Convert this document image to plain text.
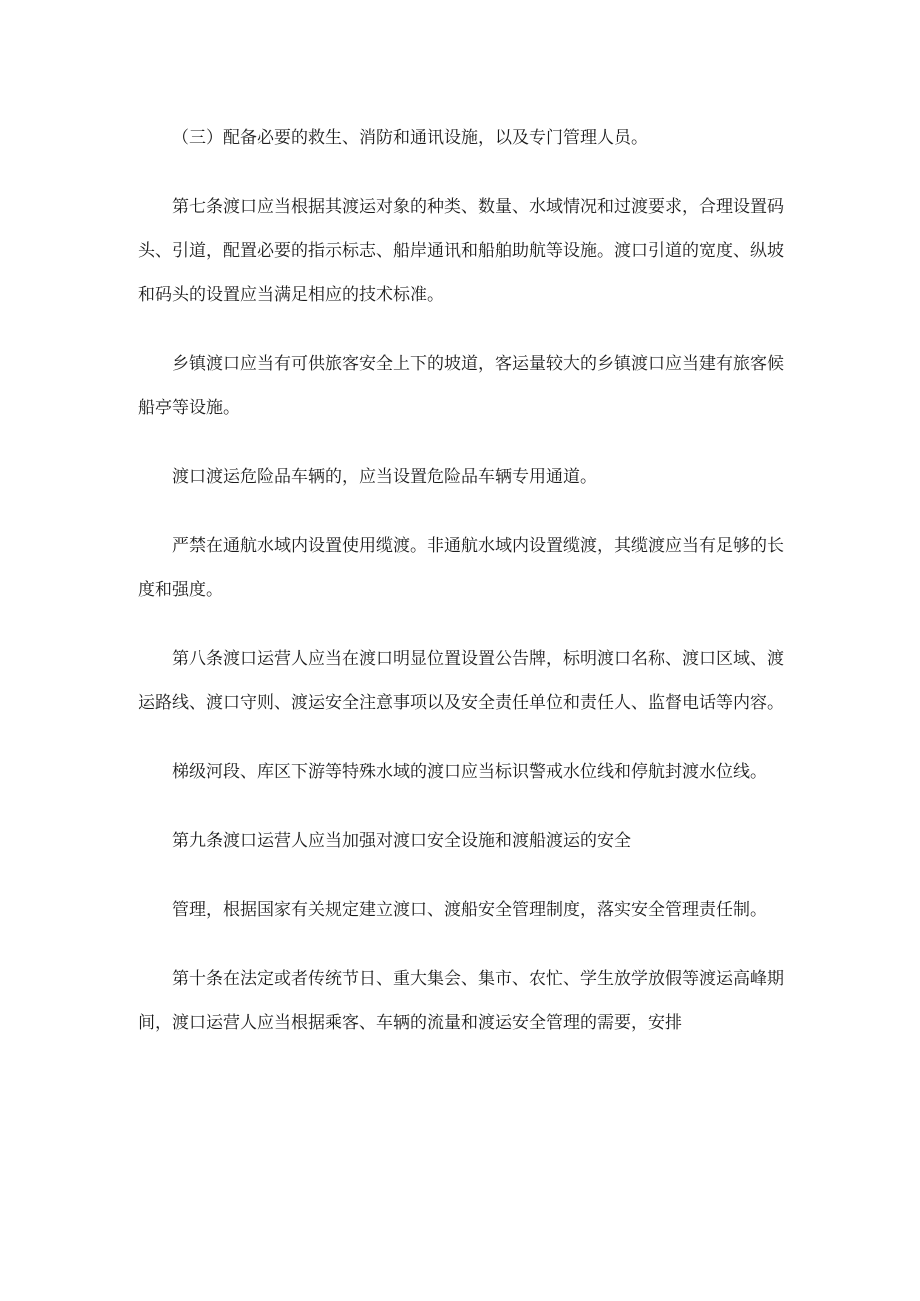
（三）配备必要的救生、消防和通讯设施，以及专门管理人员。

第七条渡口应当根据其渡运对象的种类、数量、水域情况和过渡要求，合理设置码头、引道，配置必要的指示标志、船岸通讯和船舶助航等设施。渡口引道的宽度、纵坡和码头的设置应当满足相应的技术标准。

乡镇渡口应当有可供旅客安全上下的坡道，客运量较大的乡镇渡口应当建有旅客候船亭等设施。

渡口渡运危险品车辆的，应当设置危险品车辆专用通道。

严禁在通航水域内设置使用缆渡。非通航水域内设置缆渡，其缆渡应当有足够的长度和强度。

第八条渡口运营人应当在渡口明显位置设置公告牌，标明渡口名称、渡口区域、渡运路线、渡口守则、渡运安全注意事项以及安全责任单位和责任人、监督电话等内容。

梯级河段、库区下游等特殊水域的渡口应当标识警戒水位线和停航封渡水位线。

第九条渡口运营人应当加强对渡口安全设施和渡船渡运的安全

管理，根据国家有关规定建立渡口、渡船安全管理制度，落实安全管理责任制。

第十条在法定或者传统节日、重大集会、集市、农忙、学生放学放假等渡运高峰期间，渡口运营人应当根据乘客、车辆的流量和渡运安全管理的需要，安排
